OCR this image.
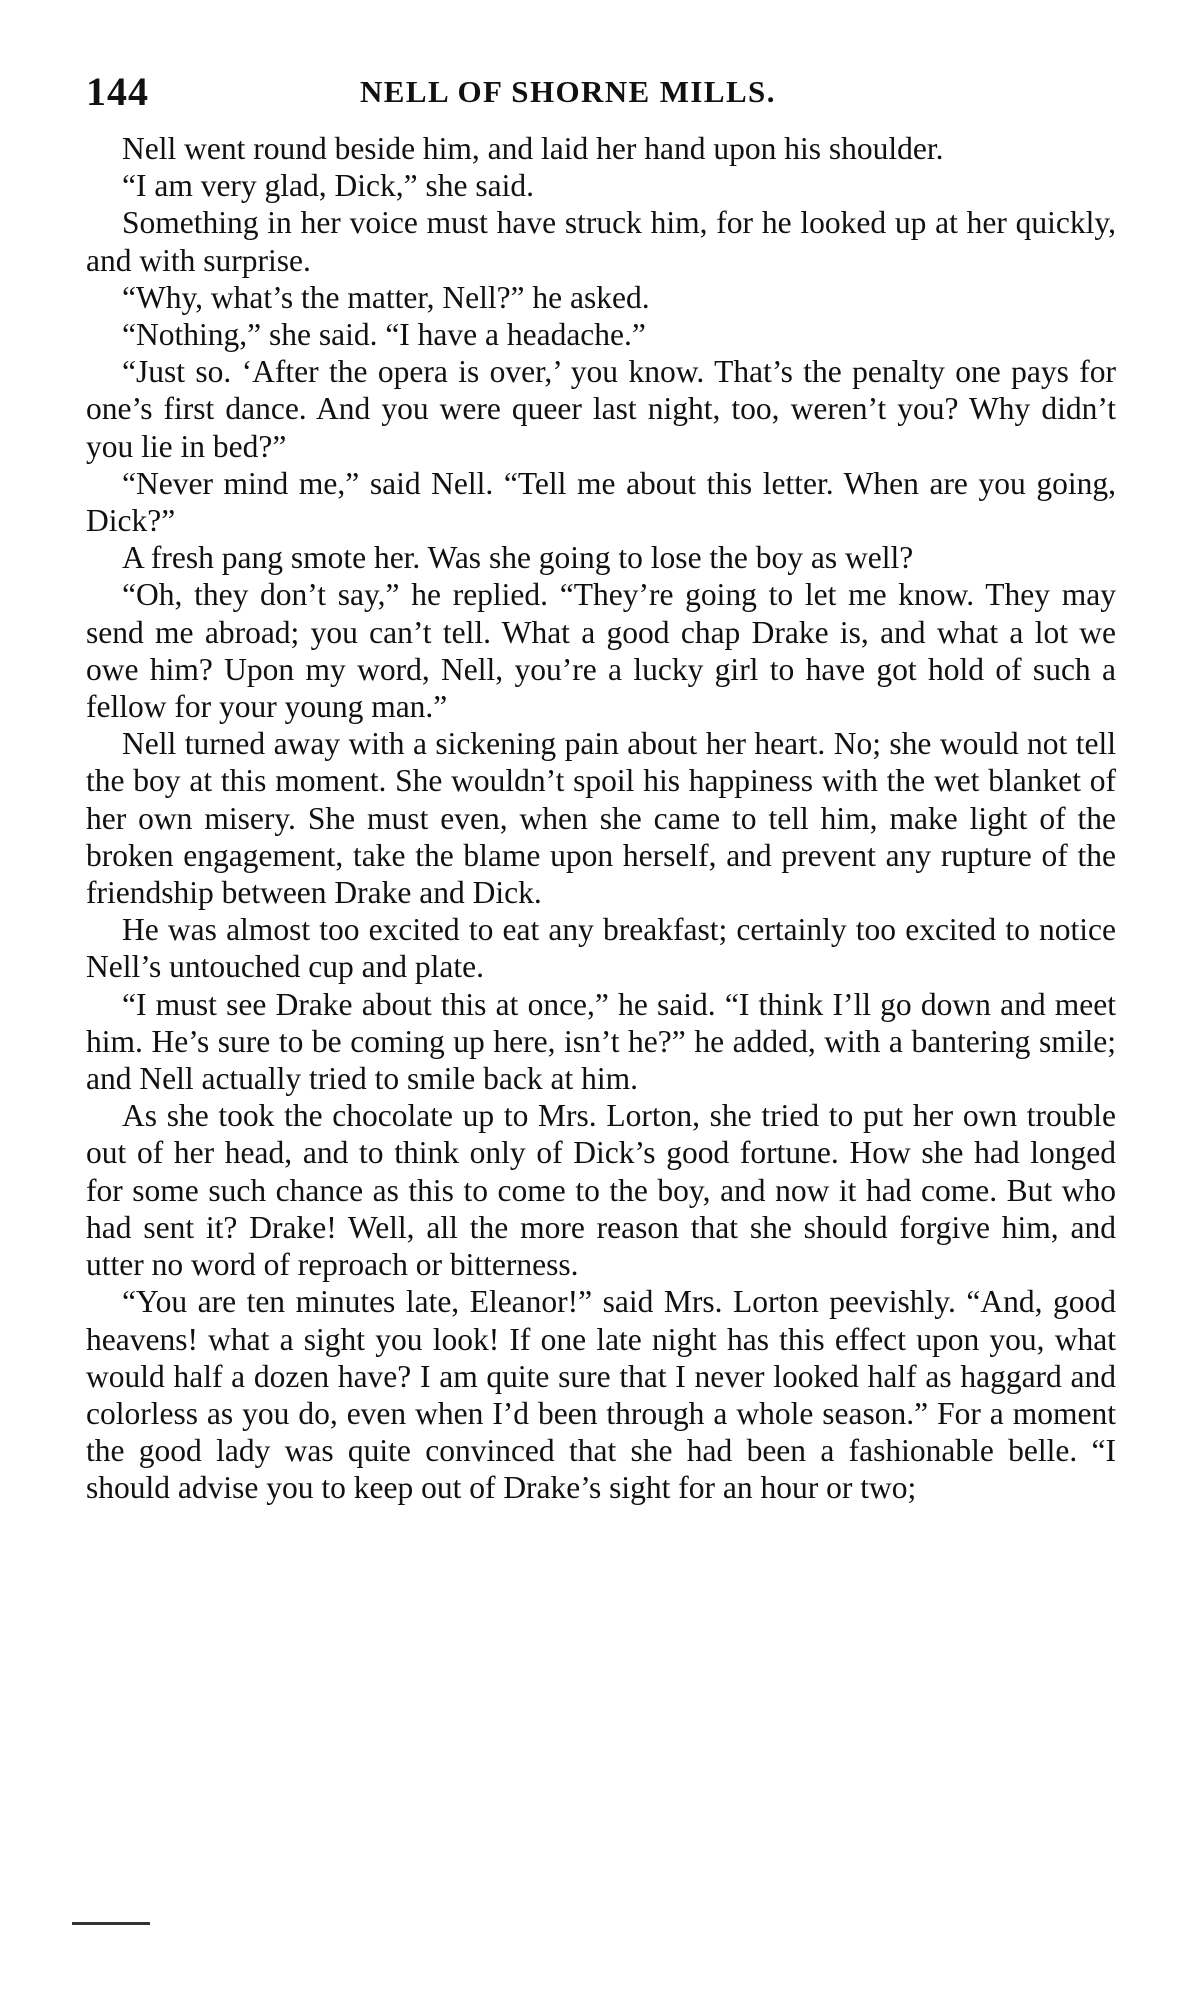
144	NELL OF SHORNE MILLS.

Nell went round beside him, and laid her hand upon his shoulder.

“I am very glad, Dick,” she said.

Something in her voice must have struck him, for he looked up at her quickly, and with surprise.

“Why, what’s the matter, Nell?” he asked.

“Nothing,” she said. “I have a headache.”

“Just so. ‘After the opera is over,’ you know. That’s the penalty one pays for one’s first dance. And you were queer last night, too, weren’t you? Why didn’t you lie in bed?”

“Never mind me,” said Nell. “Tell me about this letter. When are you going, Dick?”

A fresh pang smote her. Was she going to lose the boy as well?

“Oh, they don’t say,” he replied. “They’re going to let me know. They may send me abroad; you can’t tell. What a good chap Drake is, and what a lot we owe him? Upon my word, Nell, you’re a lucky girl to have got hold of such a fellow for your young man.”

Nell turned away with a sickening pain about her heart. No; she would not tell the boy at this moment. She wouldn’t spoil his happiness with the wet blanket of her own misery. She must even, when she came to tell him, make light of the broken engagement, take the blame upon herself, and prevent any rupture of the friendship between Drake and Dick.

He was almost too excited to eat any breakfast; certainly too excited to notice Nell’s untouched cup and plate.

“I must see Drake about this at once,” he said. “I think I’ll go down and meet him. He’s sure to be coming up here, isn’t he?” he added, with a bantering smile; and Nell actually tried to smile back at him.

As she took the chocolate up to Mrs. Lorton, she tried to put her own trouble out of her head, and to think only of Dick’s good fortune. How she had longed for some such chance as this to come to the boy, and now it had come. But who had sent it? Drake! Well, all the more reason that she should forgive him, and utter no word of reproach or bitterness.

“You are ten minutes late, Eleanor!” said Mrs. Lorton peevishly. “And, good heavens! what a sight you look! If one late night has this effect upon you, what would half a dozen have? I am quite sure that I never looked half as haggard and colorless as you do, even when I’d been through a whole season.” For a moment the good lady was quite convinced that she had been a fashionable belle. “I should advise you to keep out of Drake’s sight for an hour or two;
